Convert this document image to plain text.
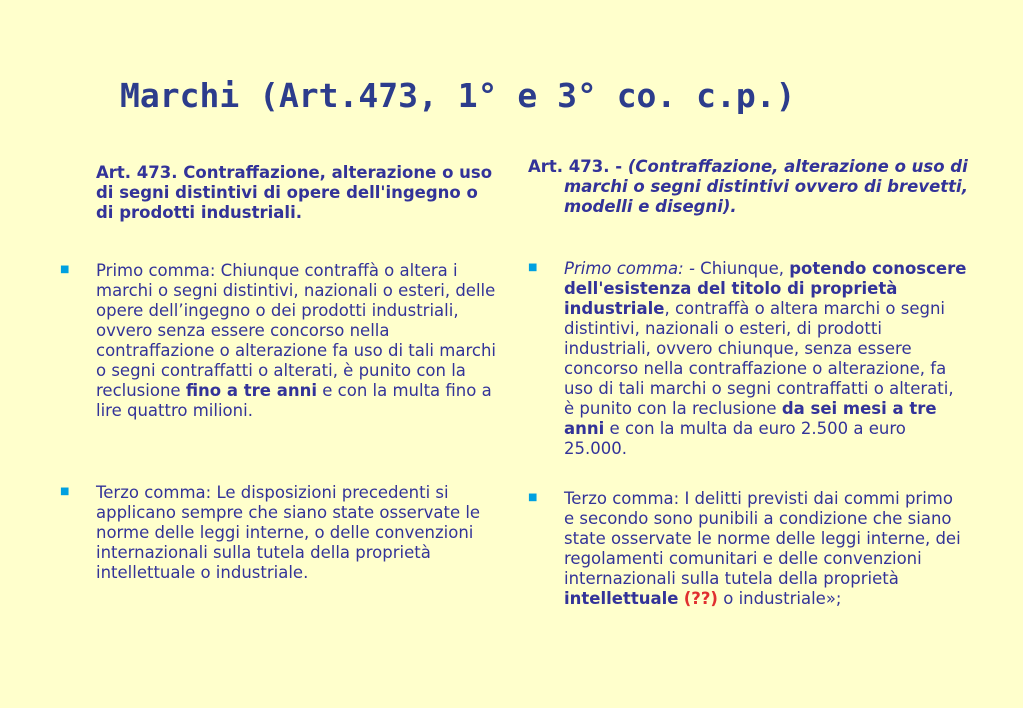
Marchi (Art.473, 1° e 3° co. c.p.)

Art. 473. Contraffazione, alterazione o uso di segni distintivi di opere dell'ingegno o di prodotti industriali.

■ Primo comma: Chiunque contraffà o altera i marchi o segni distintivi, nazionali o esteri, delle opere dell’ingegno o dei prodotti industriali, ovvero senza essere concorso nella contraffazione o alterazione fa uso di tali marchi o segni contraffatti o alterati, è punito con la reclusione fino a tre anni e con la multa fino a lire quattro milioni.

■ Terzo comma: Le disposizioni precedenti si applicano sempre che siano state osservate le norme delle leggi interne, o delle convenzioni internazionali sulla tutela della proprietà intellettuale o industriale.

Art. 473. - (Contraffazione, alterazione o uso di marchi o segni distintivi ovvero di brevetti, modelli e disegni).

■ Primo comma: - Chiunque, potendo conoscere dell'esistenza del titolo di proprietà industriale, contraffà o altera marchi o segni distintivi, nazionali o esteri, di prodotti industriali, ovvero chiunque, senza essere concorso nella contraffazione o alterazione, fa uso di tali marchi o segni contraffatti o alterati, è punito con la reclusione da sei mesi a tre anni e con la multa da euro 2.500 a euro 25.000.

■ Terzo comma: I delitti previsti dai commi primo e secondo sono punibili a condizione che siano state osservate le norme delle leggi interne, dei regolamenti comunitari e delle convenzioni internazionali sulla tutela della proprietà intellettuale (??) o industriale»;
